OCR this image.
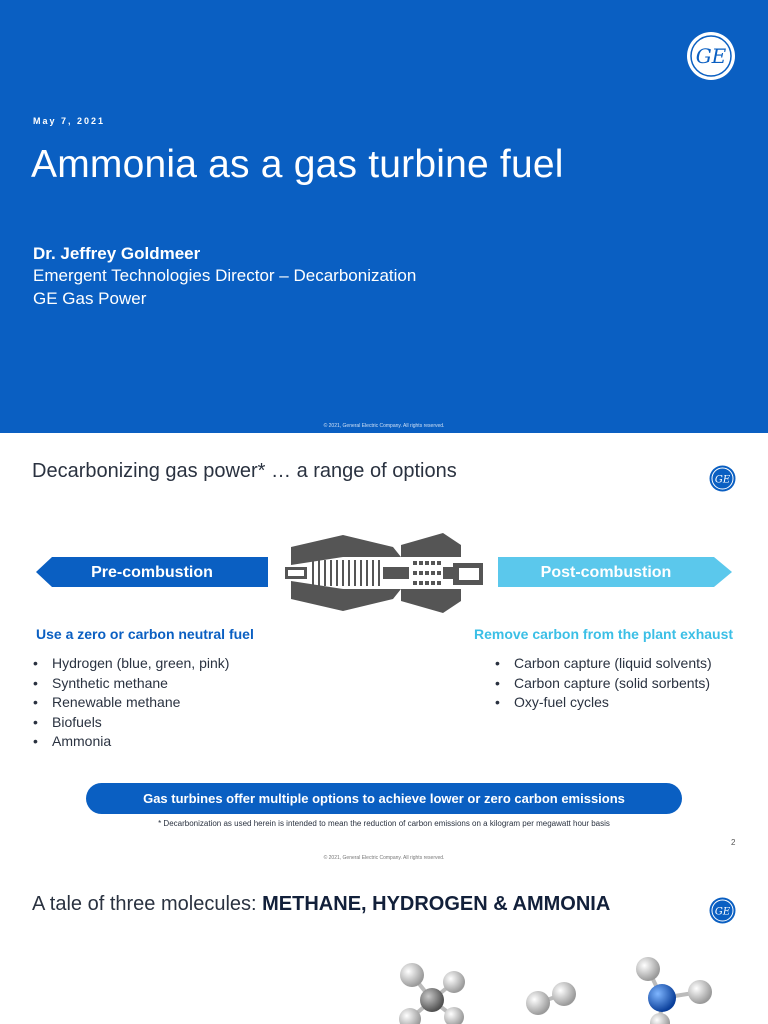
May 7, 2021
Ammonia as a gas turbine fuel
Dr. Jeffrey Goldmeer
Emergent Technologies Director – Decarbonization
GE Gas Power
GE
© 2021, General Electric Company. All rights reserved.
Decarbonizing gas power* … a range of options	GE
Pre-combustion	Post-combustion
Use a zero or carbon neutral fuel	Remove carbon from the plant exhaust
• Hydrogen (blue, green, pink)
• Synthetic methane
• Renewable methane
• Biofuels
• Ammonia
• Carbon capture (liquid solvents)
• Carbon capture (solid sorbents)
• Oxy-fuel cycles
Gas turbines offer multiple options to achieve lower or zero carbon emissions
* Decarbonization as used herein is intended to mean the reduction of carbon emissions on a kilogram per megawatt hour basis
2
© 2021, General Electric Company. All rights reserved.
A tale of three molecules: METHANE, HYDROGEN & AMMONIA	GE
